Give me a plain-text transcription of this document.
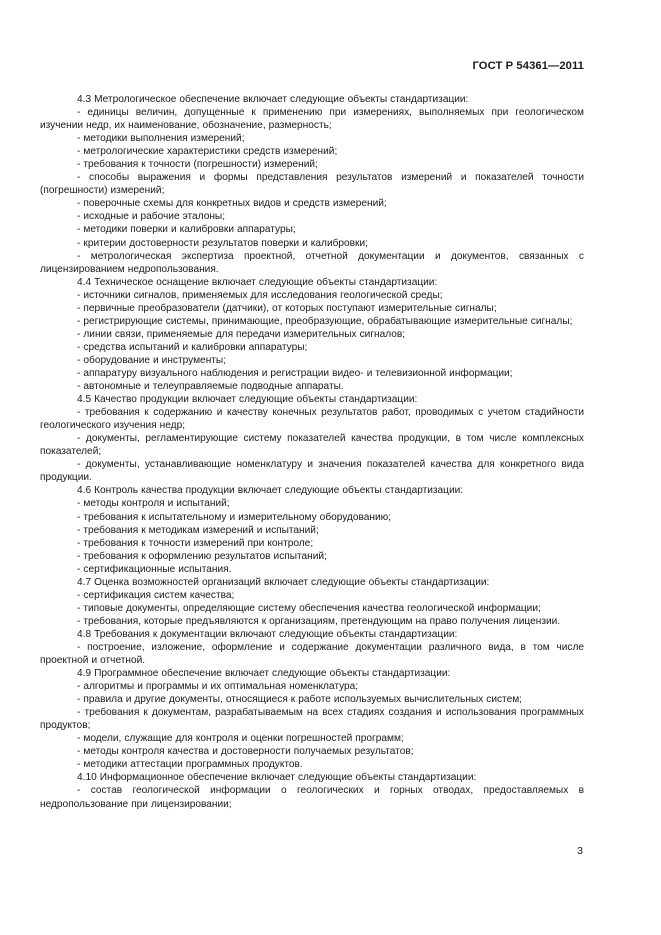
ГОСТ Р 54361—2011
4.3 Метрологическое обеспечение включает следующие объекты стандартизации:
- единицы величин, допущенные к применению при измерениях, выполняемых при геологическом изучении недр, их наименование, обозначение, размерность;
- методики выполнения измерений;
- метрологические характеристики средств измерений;
- требования к точности (погрешности) измерений;
- способы выражения и формы представления результатов измерений и показателей точности (погрешности) измерений;
- поверочные схемы для конкретных видов и средств измерений;
- исходные и рабочие эталоны;
- методики поверки и калибровки аппаратуры;
- критерии достоверности результатов поверки и калибровки;
- метрологическая экспертиза проектной, отчетной документации и документов, связанных с лицензированием недропользования.
4.4 Техническое оснащение включает следующие объекты стандартизации:
- источники сигналов, применяемых для исследования геологической среды;
- первичные преобразователи (датчики), от которых поступают измерительные сигналы;
- регистрирующие системы, принимающие, преобразующие, обрабатывающие измерительные сигналы;
- линии связи, применяемые для передачи измерительных сигналов;
- средства испытаний и калибровки аппаратуры;
- оборудование и инструменты;
- аппаратуру визуального наблюдения и регистрации видео- и телевизионной информации;
- автономные и телеуправляемые подводные аппараты.
4.5 Качество продукции включает следующие объекты стандартизации:
- требования к содержанию и качеству конечных результатов работ, проводимых с учетом стадийности геологического изучения недр;
- документы, регламентирующие систему показателей качества продукции, в том числе комплексных показателей;
- документы, устанавливающие номенклатуру и значения показателей качества для конкретного вида продукции.
4.6 Контроль качества продукции включает следующие объекты стандартизации:
- методы контроля и испытаний;
- требования к испытательному и измерительному оборудованию;
- требования к методикам измерений и испытаний;
- требования к точности измерений при контроле;
- требования к оформлению результатов испытаний;
- сертификационные испытания.
4.7 Оценка возможностей организаций включает следующие объекты стандартизации:
- сертификация систем качества;
- типовые документы, определяющие систему обеспечения качества геологической информации;
- требования, которые предъявляются к организациям, претендующим на право получения лицензии.
4.8 Требования к документации включают следующие объекты стандартизации:
- построение, изложение, оформление и содержание документации различного вида, в том числе проектной и отчетной.
4.9 Программное обеспечение включает следующие объекты стандартизации:
- алгоритмы и программы и их оптимальная номенклатура;
- правила и другие документы, относящиеся к работе используемых вычислительных систем;
- требования к документам, разрабатываемым на всех стадиях создания и использования программных продуктов;
- модели, служащие для контроля и оценки погрешностей программ;
- методы контроля качества и достоверности получаемых результатов;
- методики аттестации программных продуктов.
4.10 Информационное обеспечение включает следующие объекты стандартизации:
- состав геологической информации о геологических и горных отводах, предоставляемых в недропользование при лицензировании;
3
